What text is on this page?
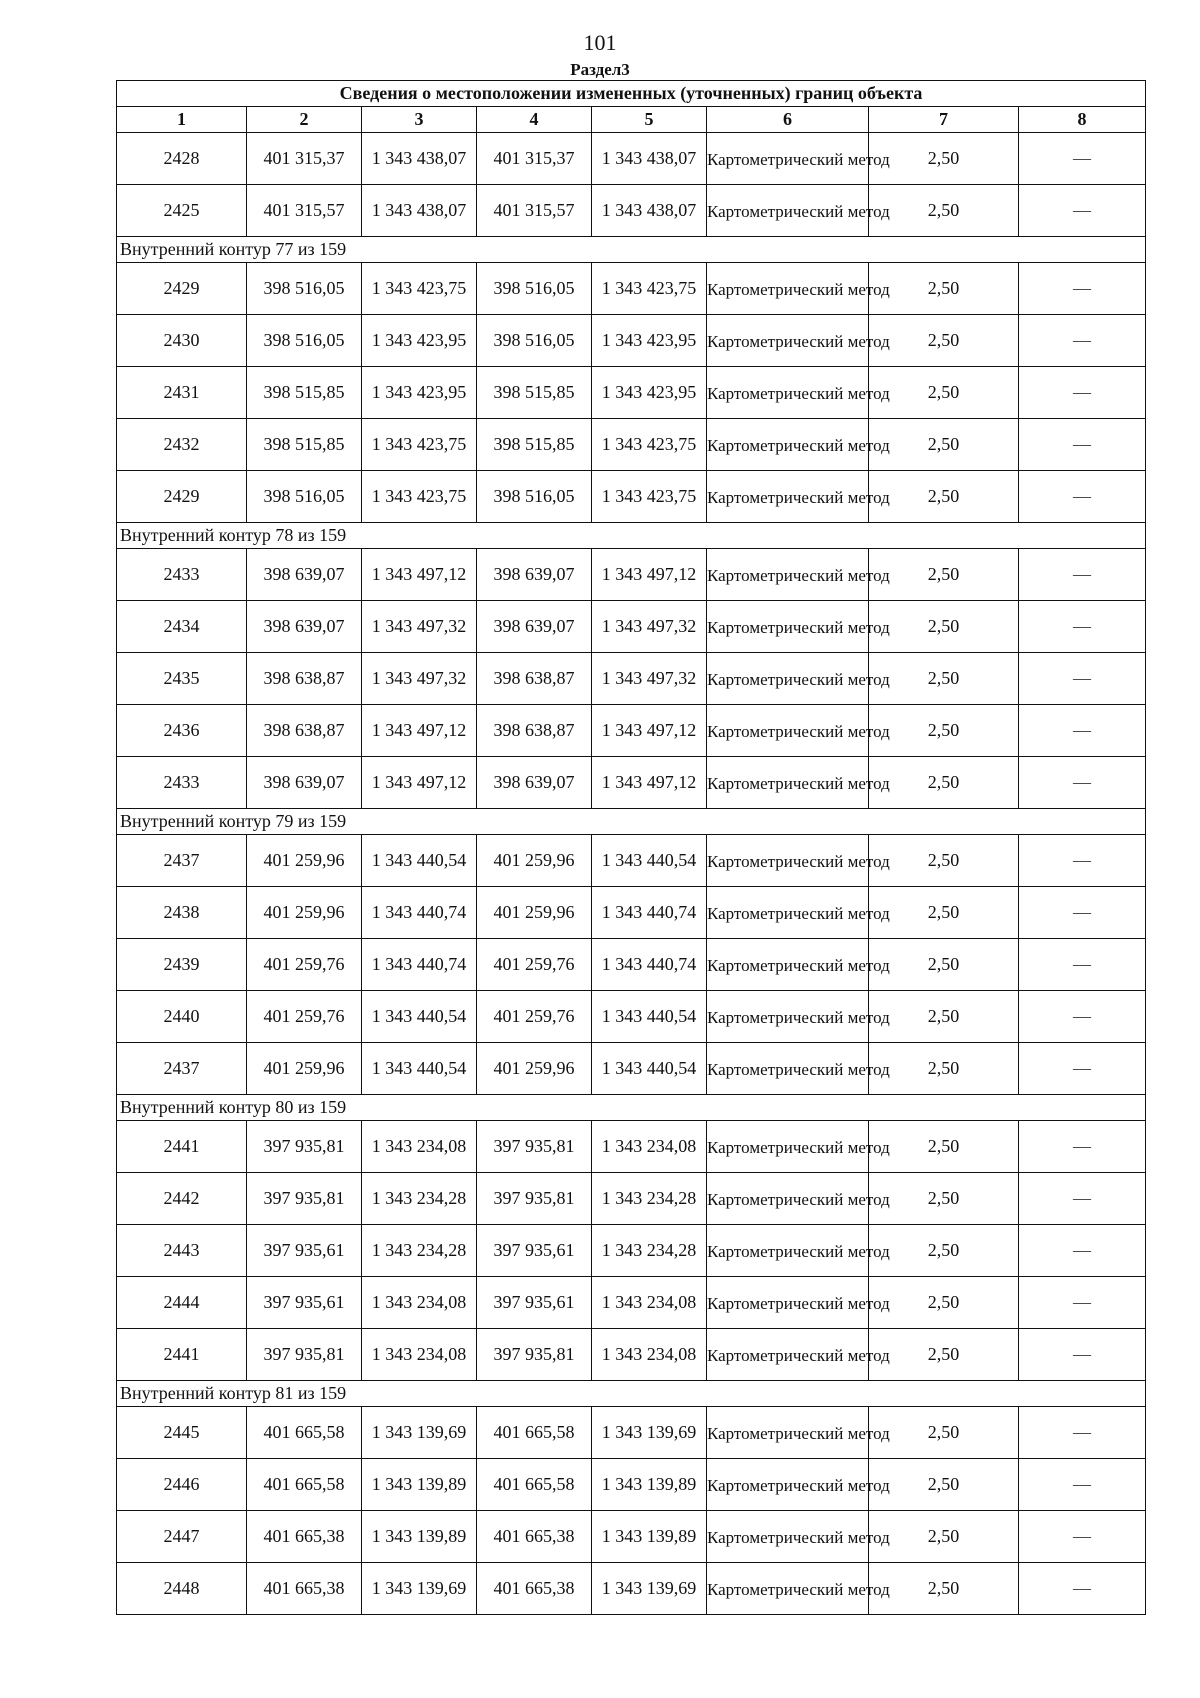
101
Раздел3
Сведения о местоположении измененных (уточненных) границ объекта							
1	2	3	4	5	6	7	8
2428	401 315,37	1 343 438,07	401 315,37	1 343 438,07	Картометрический метод	2,50	—
2425	401 315,57	1 343 438,07	401 315,57	1 343 438,07	Картометрический метод	2,50	—
Внутренний контур 77 из 159							
2429	398 516,05	1 343 423,75	398 516,05	1 343 423,75	Картометрический метод	2,50	—
2430	398 516,05	1 343 423,95	398 516,05	1 343 423,95	Картометрический метод	2,50	—
2431	398 515,85	1 343 423,95	398 515,85	1 343 423,95	Картометрический метод	2,50	—
2432	398 515,85	1 343 423,75	398 515,85	1 343 423,75	Картометрический метод	2,50	—
2429	398 516,05	1 343 423,75	398 516,05	1 343 423,75	Картометрический метод	2,50	—
Внутренний контур 78 из 159							
2433	398 639,07	1 343 497,12	398 639,07	1 343 497,12	Картометрический метод	2,50	—
2434	398 639,07	1 343 497,32	398 639,07	1 343 497,32	Картометрический метод	2,50	—
2435	398 638,87	1 343 497,32	398 638,87	1 343 497,32	Картометрический метод	2,50	—
2436	398 638,87	1 343 497,12	398 638,87	1 343 497,12	Картометрический метод	2,50	—
2433	398 639,07	1 343 497,12	398 639,07	1 343 497,12	Картометрический метод	2,50	—
Внутренний контур 79 из 159							
2437	401 259,96	1 343 440,54	401 259,96	1 343 440,54	Картометрический метод	2,50	—
2438	401 259,96	1 343 440,74	401 259,96	1 343 440,74	Картометрический метод	2,50	—
2439	401 259,76	1 343 440,74	401 259,76	1 343 440,74	Картометрический метод	2,50	—
2440	401 259,76	1 343 440,54	401 259,76	1 343 440,54	Картометрический метод	2,50	—
2437	401 259,96	1 343 440,54	401 259,96	1 343 440,54	Картометрический метод	2,50	—
Внутренний контур 80 из 159							
2441	397 935,81	1 343 234,08	397 935,81	1 343 234,08	Картометрический метод	2,50	—
2442	397 935,81	1 343 234,28	397 935,81	1 343 234,28	Картометрический метод	2,50	—
2443	397 935,61	1 343 234,28	397 935,61	1 343 234,28	Картометрический метод	2,50	—
2444	397 935,61	1 343 234,08	397 935,61	1 343 234,08	Картометрический метод	2,50	—
2441	397 935,81	1 343 234,08	397 935,81	1 343 234,08	Картометрический метод	2,50	—
Внутренний контур 81 из 159							
2445	401 665,58	1 343 139,69	401 665,58	1 343 139,69	Картометрический метод	2,50	—
2446	401 665,58	1 343 139,89	401 665,58	1 343 139,89	Картометрический метод	2,50	—
2447	401 665,38	1 343 139,89	401 665,38	1 343 139,89	Картометрический метод	2,50	—
2448	401 665,38	1 343 139,69	401 665,38	1 343 139,69	Картометрический метод	2,50	—
